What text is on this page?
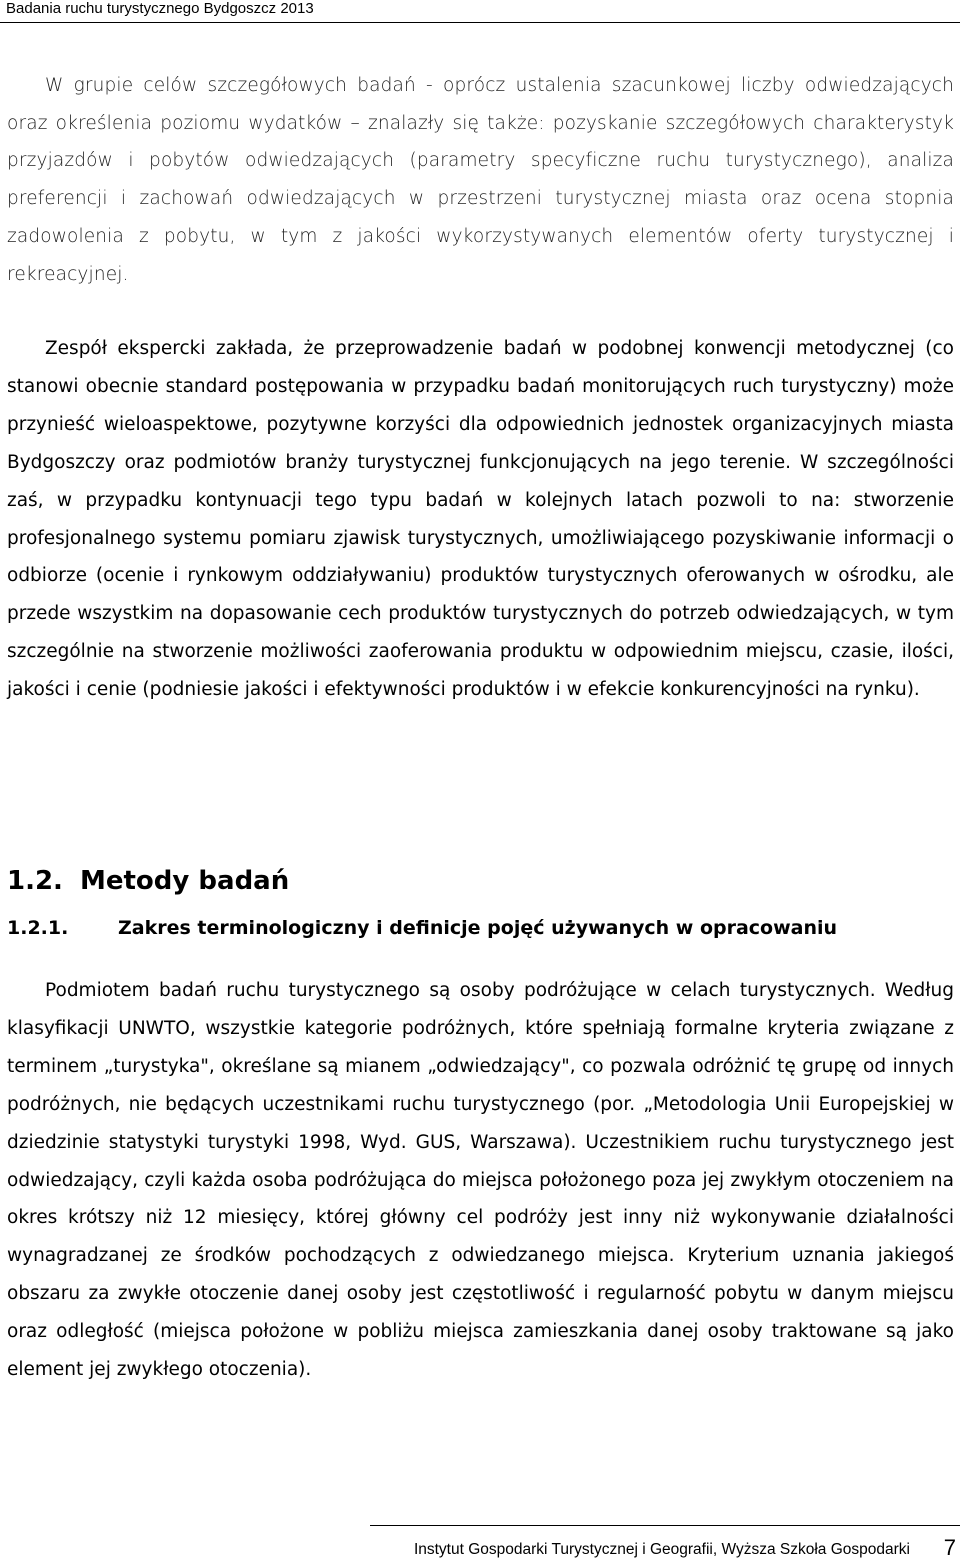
Badania ruchu turystycznego Bydgoszcz 2013

W grupie celów szczegółowych badań - oprócz ustalenia szacunkowej liczby odwiedzających oraz określenia poziomu wydatków – znalazły się także: pozyskanie szczegółowych charakterystyk przyjazdów i pobytów odwiedzających (parametry specyficzne ruchu turystycznego), analiza preferencji i zachowań odwiedzających w przestrzeni turystycznej miasta oraz ocena stopnia zadowolenia z pobytu, w tym z jakości wykorzystywanych elementów oferty turystycznej i rekreacyjnej.

Zespół ekspercki zakłada, że przeprowadzenie badań w podobnej konwencji metodycznej (co stanowi obecnie standard postępowania w przypadku badań monitorujących ruch turystyczny) może przynieść wieloaspektowe, pozytywne korzyści dla odpowiednich jednostek organizacyjnych miasta Bydgoszczy oraz podmiotów branży turystycznej funkcjonujących na jego terenie. W szczególności zaś, w przypadku kontynuacji tego typu badań w kolejnych latach pozwoli to na: stworzenie profesjonalnego systemu pomiaru zjawisk turystycznych, umożliwiającego pozyskiwanie informacji o odbiorze (ocenie i rynkowym oddziaływaniu) produktów turystycznych oferowanych w ośrodku, ale przede wszystkim na dopasowanie cech produktów turystycznych do potrzeb odwiedzających, w tym szczególnie na stworzenie możliwości zaoferowania produktu w odpowiednim miejscu, czasie, ilości, jakości i cenie (podniesie jakości i efektywności produktów i w efekcie konkurencyjności na rynku).

1.2. Metody badań
1.2.1.	Zakres terminologiczny i definicje pojęć używanych w opracowaniu

Podmiotem badań ruchu turystycznego są osoby podróżujące w celach turystycznych. Według klasyfikacji UNWTO, wszystkie kategorie podróżnych, które spełniają formalne kryteria związane z terminem „turystyka", określane są mianem „odwiedzający", co pozwala odróżnić tę grupę od innych podróżnych, nie będących uczestnikami ruchu turystycznego (por. „Metodologia Unii Europejskiej w dziedzinie statystyki turystyki 1998, Wyd. GUS, Warszawa). Uczestnikiem ruchu turystycznego jest odwiedzający, czyli każda osoba podróżująca do miejsca położonego poza jej zwykłym otoczeniem na okres krótszy niż 12 miesięcy, której główny cel podróży jest inny niż wykonywanie działalności wynagradzanej ze środków pochodzących z odwiedzanego miejsca. Kryterium uznania jakiegoś obszaru za zwykłe otoczenie danej osoby jest częstotliwość i regularność pobytu w danym miejscu oraz odległość (miejsca położone w pobliżu miejsca zamieszkania danej osoby traktowane są jako element jej zwykłego otoczenia).

Instytut Gospodarki Turystycznej i Geografii, Wyższa Szkoła Gospodarki 7
